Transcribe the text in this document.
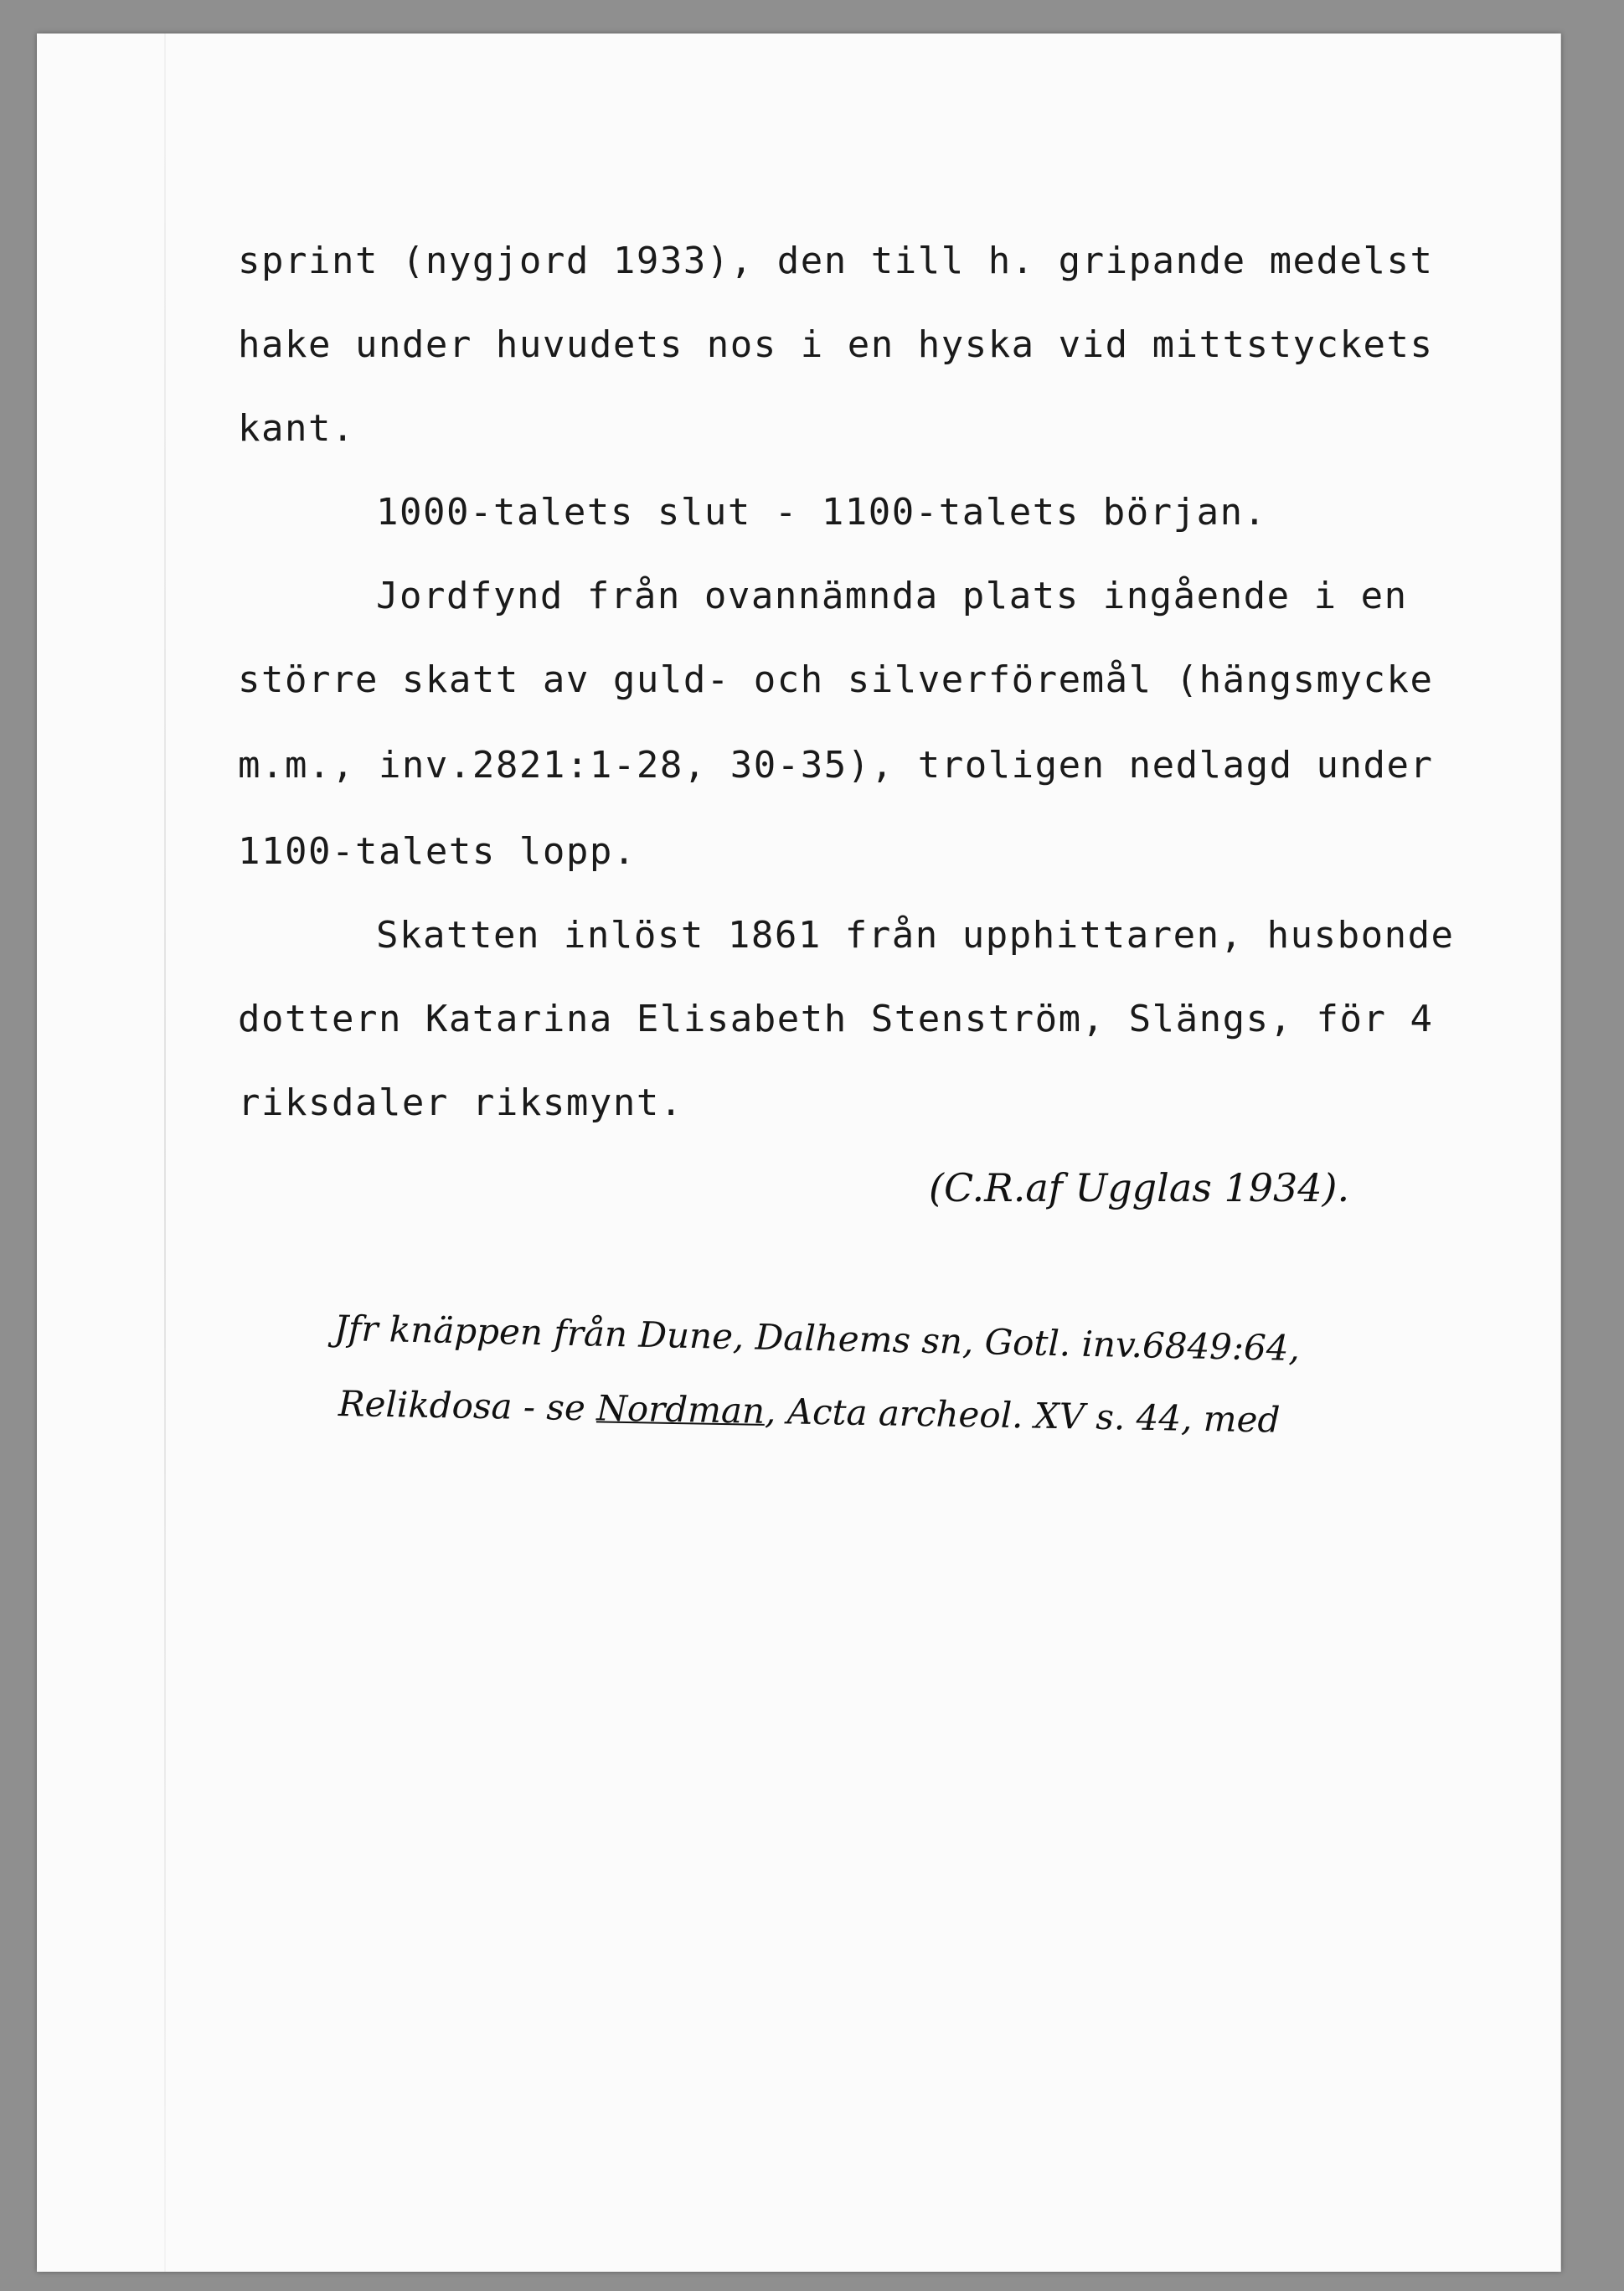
sprint (nygjord 1933), den till h. gripande medelst
hake under huvudets nos i en hyska vid mittstyckets
kant.
1000-talets slut - 1100-talets början.
Jordfynd från ovannämnda plats ingående i en
större skatt av guld- och silverföremål (hängsmycke
m.m., inv.2821:1-28, 30-35), troligen nedlagd under
1100-talets lopp.
Skatten inlöst 1861 från upphittaren, husbonde
dottern Katarina Elisabeth Stenström, Slängs, för 4
riksdaler riksmynt.
(C.R.af Ugglas 1934).
Jfr knäppen från Dune, Dalhems sn, Gotl. inv.6849:64,
Relikdosa - se Nordman, Acta archeol. XV s. 44, med
